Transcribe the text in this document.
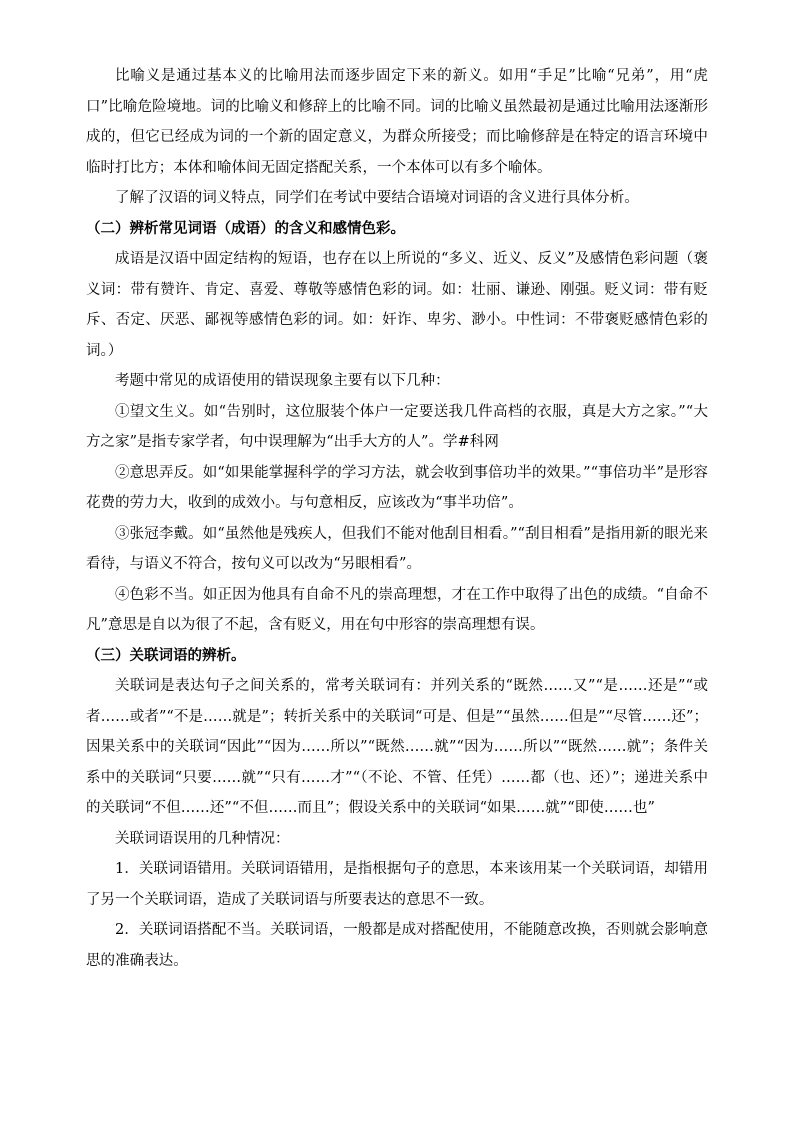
比喻义是通过基本义的比喻用法而逐步固定下来的新义。如用“手足”比喻“兄弟”，用“虎口”比喻危险境地。词的比喻义和修辞上的比喻不同。词的比喻义虽然最初是通过比喻用法逐渐形成的，但它已经成为词的一个新的固定意义，为群众所接受；而比喻修辞是在特定的语言环境中临时打比方；本体和喻体间无固定搭配关系，一个本体可以有多个喻体。

了解了汉语的词义特点，同学们在考试中要结合语境对词语的含义进行具体分析。

（二）辨析常见词语（成语）的含义和感情色彩。

成语是汉语中固定结构的短语，也存在以上所说的“多义、近义、反义”及感情色彩问题（褒义词：带有赞许、肯定、喜爱、尊敬等感情色彩的词。如：壮丽、谦逊、刚强。贬义词：带有贬斥、否定、厌恶、鄙视等感情色彩的词。如：奸诈、卑劣、渺小。中性词：不带褒贬感情色彩的词。）

考题中常见的成语使用的错误现象主要有以下几种：

①望文生义。如“告别时，这位服装个体户一定要送我几件高档的衣服，真是大方之家。”“大方之家”是指专家学者，句中误理解为“出手大方的人”。学#科网

②意思弄反。如“如果能掌握科学的学习方法，就会收到事倍功半的效果。”“事倍功半”是形容花费的劳力大，收到的成效小。与句意相反，应该改为“事半功倍”。

③张冠李戴。如“虽然他是残疾人，但我们不能对他刮目相看。”“刮目相看”是指用新的眼光来看待，与语义不符合，按句义可以改为“另眼相看”。

④色彩不当。如正因为他具有自命不凡的崇高理想，才在工作中取得了出色的成绩。“自命不凡”意思是自以为很了不起，含有贬义，用在句中形容的崇高理想有误。

（三）关联词语的辨析。

关联词是表达句子之间关系的，常考关联词有：并列关系的“既然……又”“是……还是”“或者……或者”“不是……就是”；转折关系中的关联词“可是、但是”“虽然……但是”“尽管……还”；因果关系中的关联词“因此”“因为……所以”“既然……就”“因为……所以”“既然……就”；条件关系中的关联词“只要……就”“只有……才”“（不论、不管、任凭）……都（也、还）”；递进关系中的关联词“不但……还”“不但……而且”；假设关系中的关联词“如果……就”“即使……也”

关联词语误用的几种情况：

1．关联词语错用。关联词语错用，是指根据句子的意思，本来该用某一个关联词语，却错用了另一个关联词语，造成了关联词语与所要表达的意思不一致。

2．关联词语搭配不当。关联词语，一般都是成对搭配使用，不能随意改换，否则就会影响意思的准确表达。
